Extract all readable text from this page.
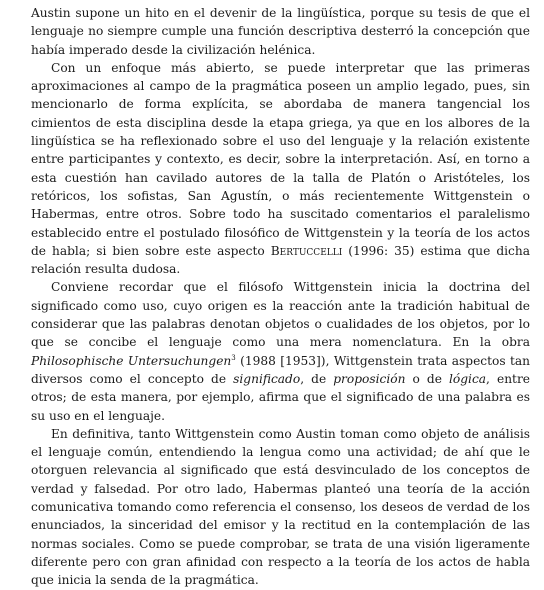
Austin supone un hito en el devenir de la lingüística, porque su tesis de que el lenguaje no siempre cumple una función descriptiva desterró la concepción que había imperado desde la civilización helénica.

Con un enfoque más abierto, se puede interpretar que las primeras aproximaciones al campo de la pragmática poseen un amplio legado, pues, sin mencionarlo de forma explícita, se abordaba de manera tangencial los cimientos de esta disciplina desde la etapa griega, ya que en los albores de la lingüística se ha reflexionado sobre el uso del lenguaje y la relación existente entre participantes y contexto, es decir, sobre la interpretación. Así, en torno a esta cuestión han cavilado autores de la talla de Platón o Aristóteles, los retóricos, los sofistas, San Agustín, o más recientemente Wittgenstein o Habermas, entre otros. Sobre todo ha suscitado comentarios el paralelismo establecido entre el postulado filosófico de Wittgenstein y la teoría de los actos de habla; si bien sobre este aspecto Bertuccelli (1996: 35) estima que dicha relación resulta dudosa.

Conviene recordar que el filósofo Wittgenstein inicia la doctrina del significado como uso, cuyo origen es la reacción ante la tradición habitual de considerar que las palabras denotan objetos o cualidades de los objetos, por lo que se concibe el lenguaje como una mera nomenclatura. En la obra Philosophische Untersuchungen$^3$ (1988 [1953]), Wittgenstein trata aspectos tan diversos como el concepto de significado, de proposición o de lógica, entre otros; de esta manera, por ejemplo, afirma que el significado de una palabra es su uso en el lenguaje.

En definitiva, tanto Wittgenstein como Austin toman como objeto de análisis el lenguaje común, entendiendo la lengua como una actividad; de ahí que le otorguen relevancia al significado que está desvinculado de los conceptos de verdad y falsedad. Por otro lado, Habermas planteó una teoría de la acción comunicativa tomando como referencia el consenso, los deseos de verdad de los enunciados, la sinceridad del emisor y la rectitud en la contemplación de las normas sociales. Como se puede comprobar, se trata de una visión ligeramente diferente pero con gran afinidad con respecto a la teoría de los actos de habla que inicia la senda de la pragmática.
